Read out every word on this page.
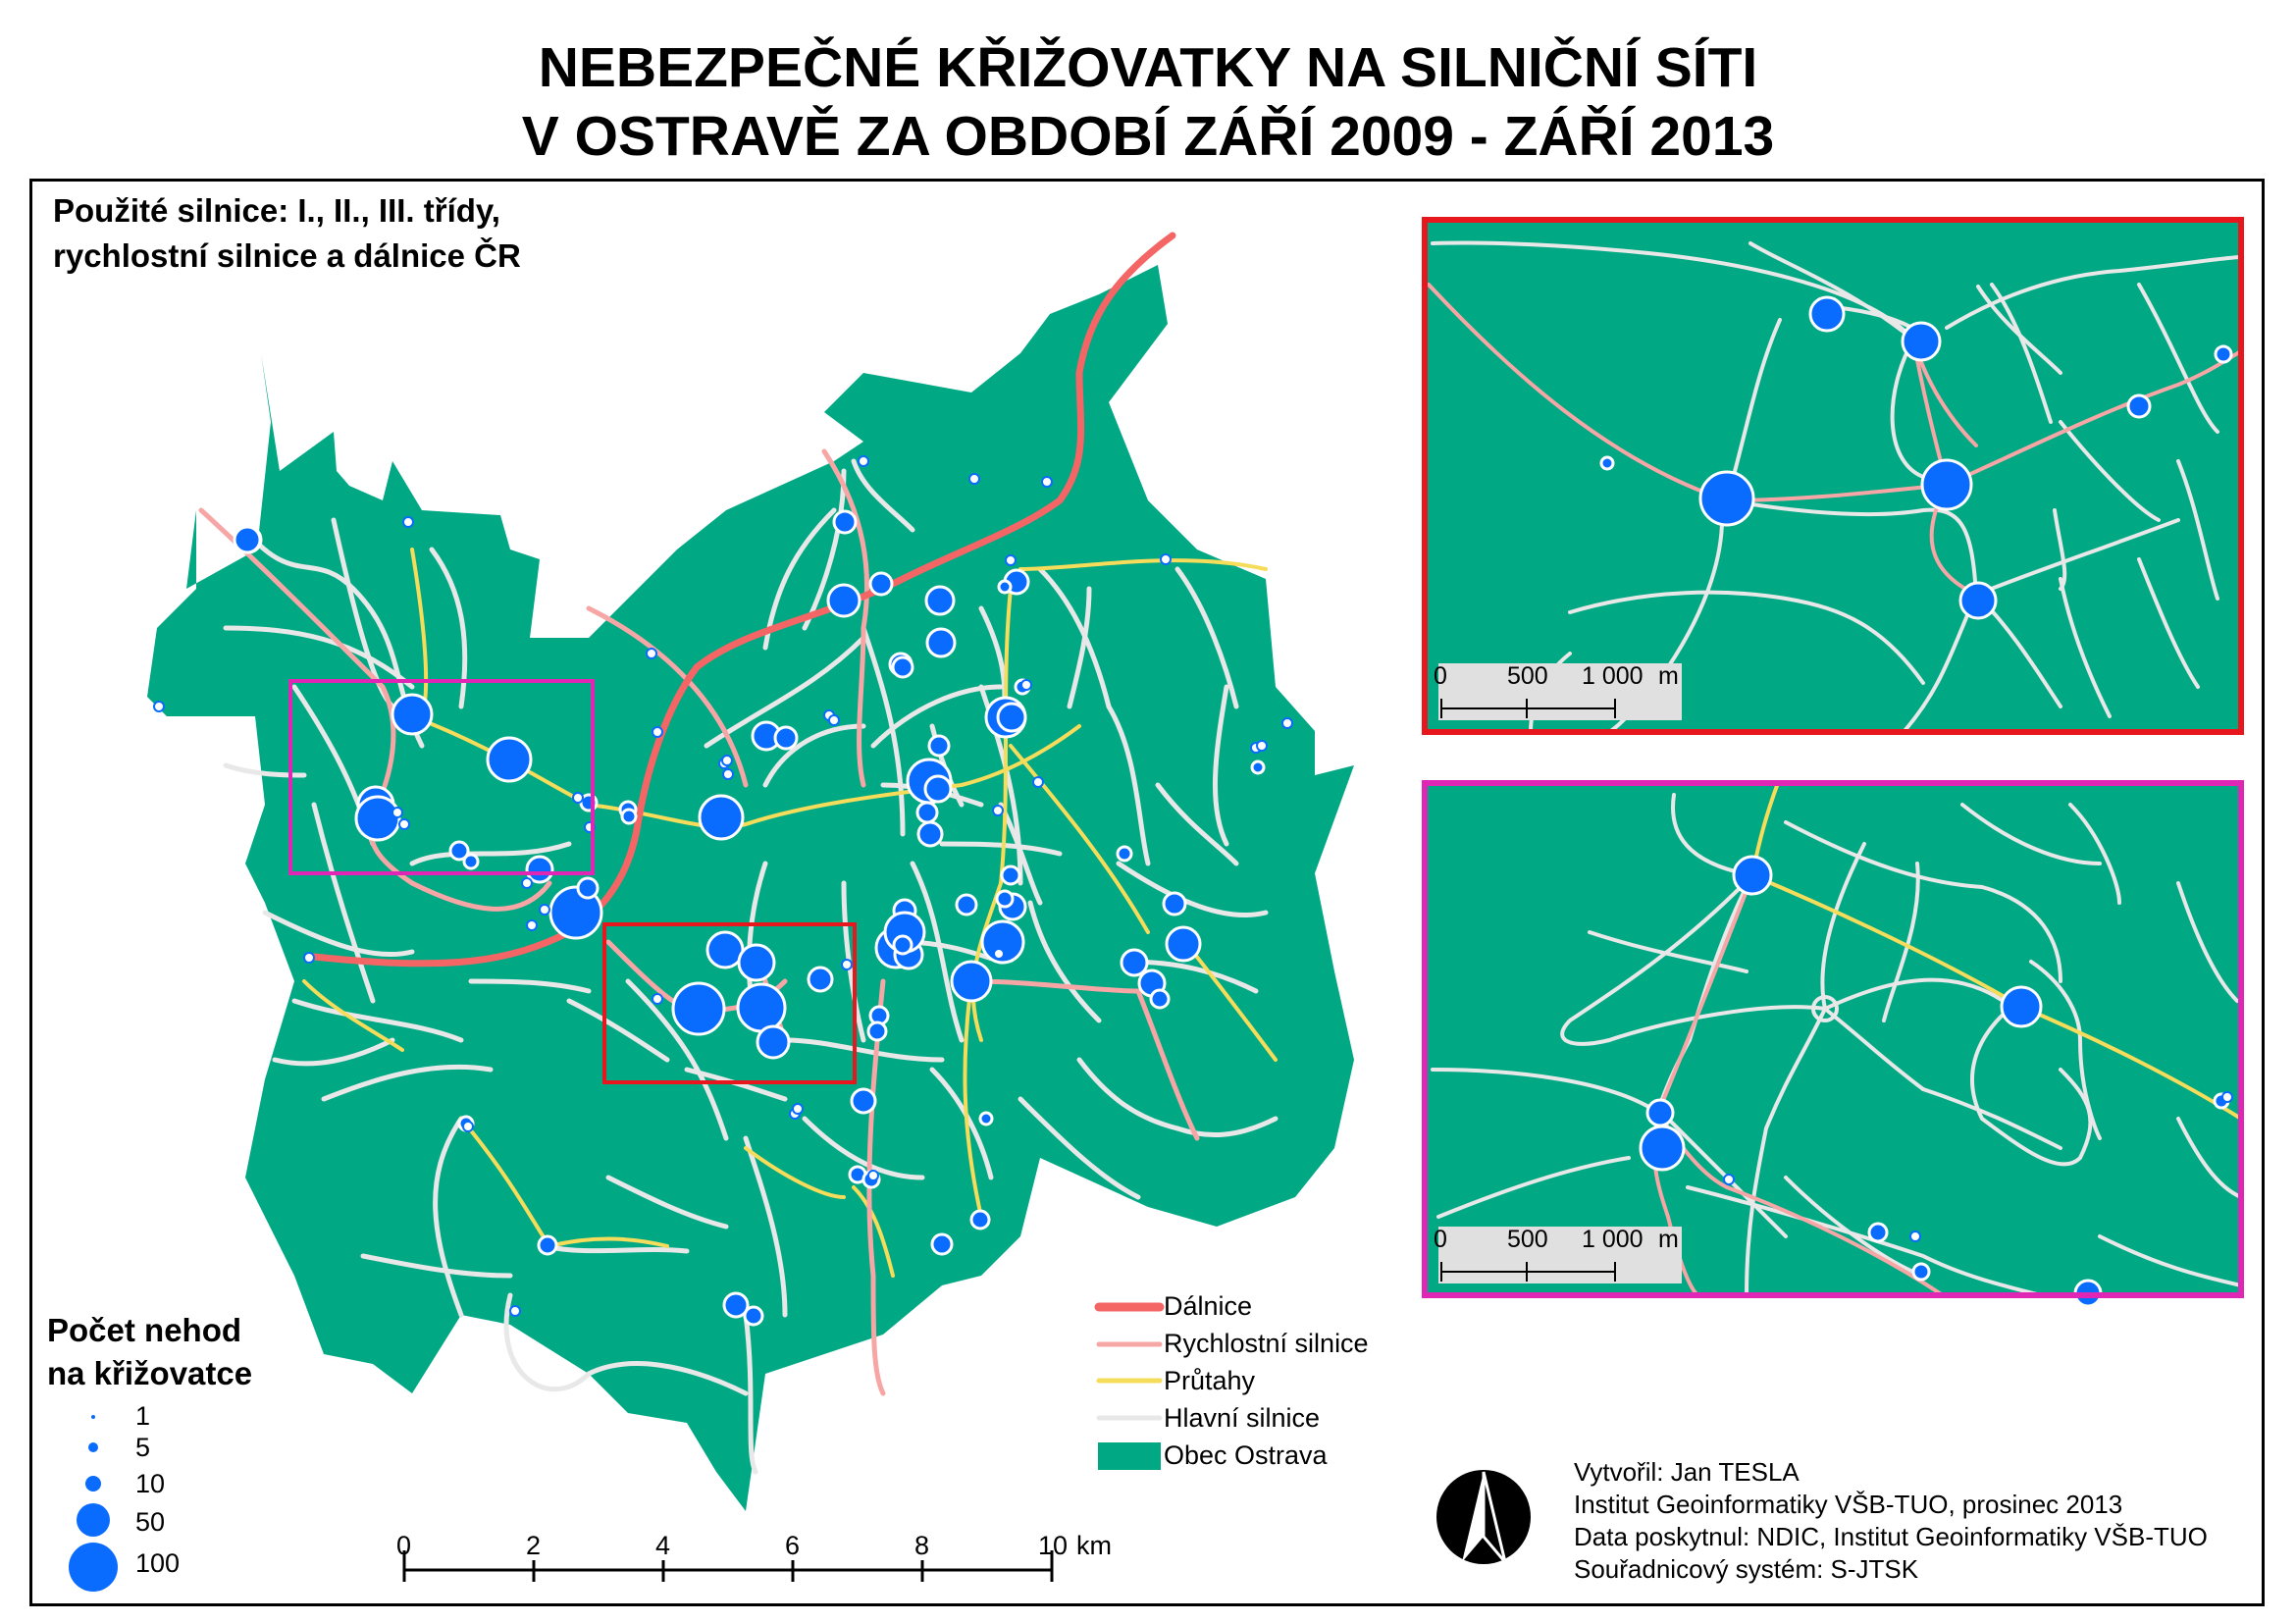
NEBEZPEČNÉ KŘIŽOVATKY NA SILNIČNÍ SÍTI
V OSTRAVĚ ZA OBDOBÍ ZÁŘÍ 2009 - ZÁŘÍ 2013
Použité silnice: I., II., III. třídy,
rychlostní silnice a dálnice ČR
Počet nehod
na křižovatce
1
5
10
50
100
Dálnice
Rychlostní silnice
Průtahy
Hlavní silnice
Obec Ostrava
0	2	4	6	8	10 km
0 500 1 000 m
0 500 1 000 m
Vytvořil: Jan TESLA
Institut Geoinformatiky VŠB-TUO, prosinec 2013
Data poskytnul: NDIC, Institut Geoinformatiky VŠB-TUO
Souřadnicový systém: S-JTSK
